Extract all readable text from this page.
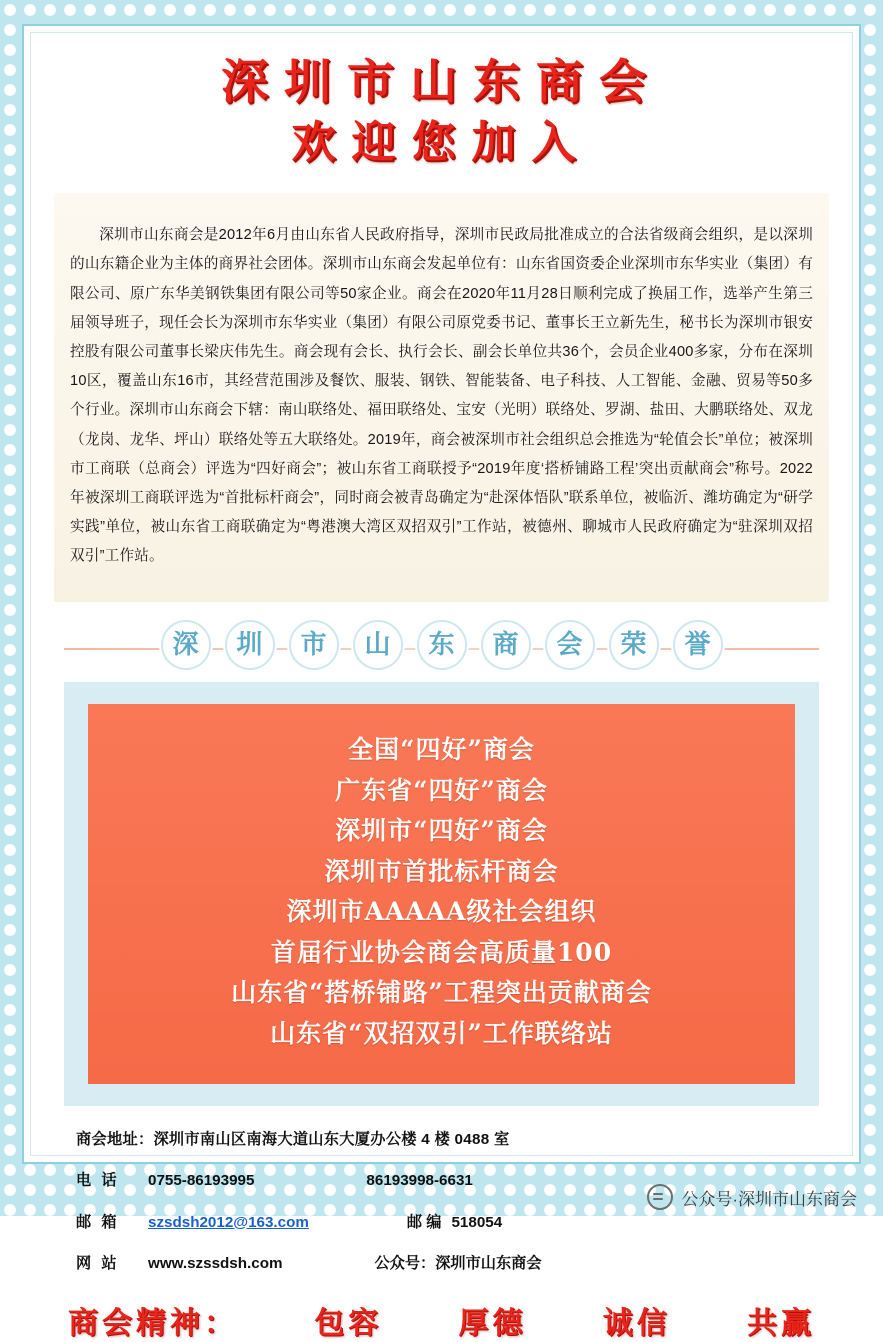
深圳市山东商会
欢迎您加入

深圳市山东商会是2012年6月由山东省人民政府指导，深圳市民政局批准成立的合法省级商会组织，是以深圳的山东籍企业为主体的商界社会团体。深圳市山东商会发起单位有：山东省国资委企业深圳市东华实业（集团）有限公司、原广东华美钢铁集团有限公司等50家企业。商会在2020年11月28日顺利完成了换届工作，选举产生第三届领导班子，现任会长为深圳市东华实业（集团）有限公司原党委书记、董事长王立新先生，秘书长为深圳市银安控股有限公司董事长梁庆伟先生。商会现有会长、执行会长、副会长单位共36个，会员企业400多家，分布在深圳10区，覆盖山东16市，其经营范围涉及餐饮、服装、钢铁、智能装备、电子科技、人工智能、金融、贸易等50多个行业。深圳市山东商会下辖：南山联络处、福田联络处、宝安（光明）联络处、罗湖、盐田、大鹏联络处、双龙（龙岗、龙华、坪山）联络处等五大联络处。2019年，商会被深圳市社会组织总会推选为“轮值会长”单位；被深圳市工商联（总商会）评选为“四好商会”；被山东省工商联授予“2019年度‘搭桥铺路工程’突出贡献商会”称号。2022年被深圳工商联评选为“首批标杆商会”，同时商会被青岛确定为“赴深体悟队”联系单位，被临沂、潍坊确定为“研学实践”单位，被山东省工商联确定为“粤港澳大湾区双招双引”工作站，被德州、聊城市人民政府确定为“驻深圳双招双引”工作站。

深	圳	市	山	东	商	会	荣	誉
全国“四好”商会
广东省“四好”商会
深圳市“四好”商会
深圳市首批标杆商会
深圳市AAAAA级社会组织
首届行业协会商会高质量100
山东省“搭桥铺路”工程突出贡献商会
山东省“双招双引”工作联络站
商会地址： 深圳市南山区南海大道山东大厦办公楼 4 楼 0488 室
电 话	0755-86193995	86193998-6631
邮 箱	szsdsh2012@163.com	邮 编 518054
网 站	www.szssdsh.com	公众号： 深圳市山东商会
商会精神：	包容	厚德	诚信	共赢
公众号·深圳市山东商会
